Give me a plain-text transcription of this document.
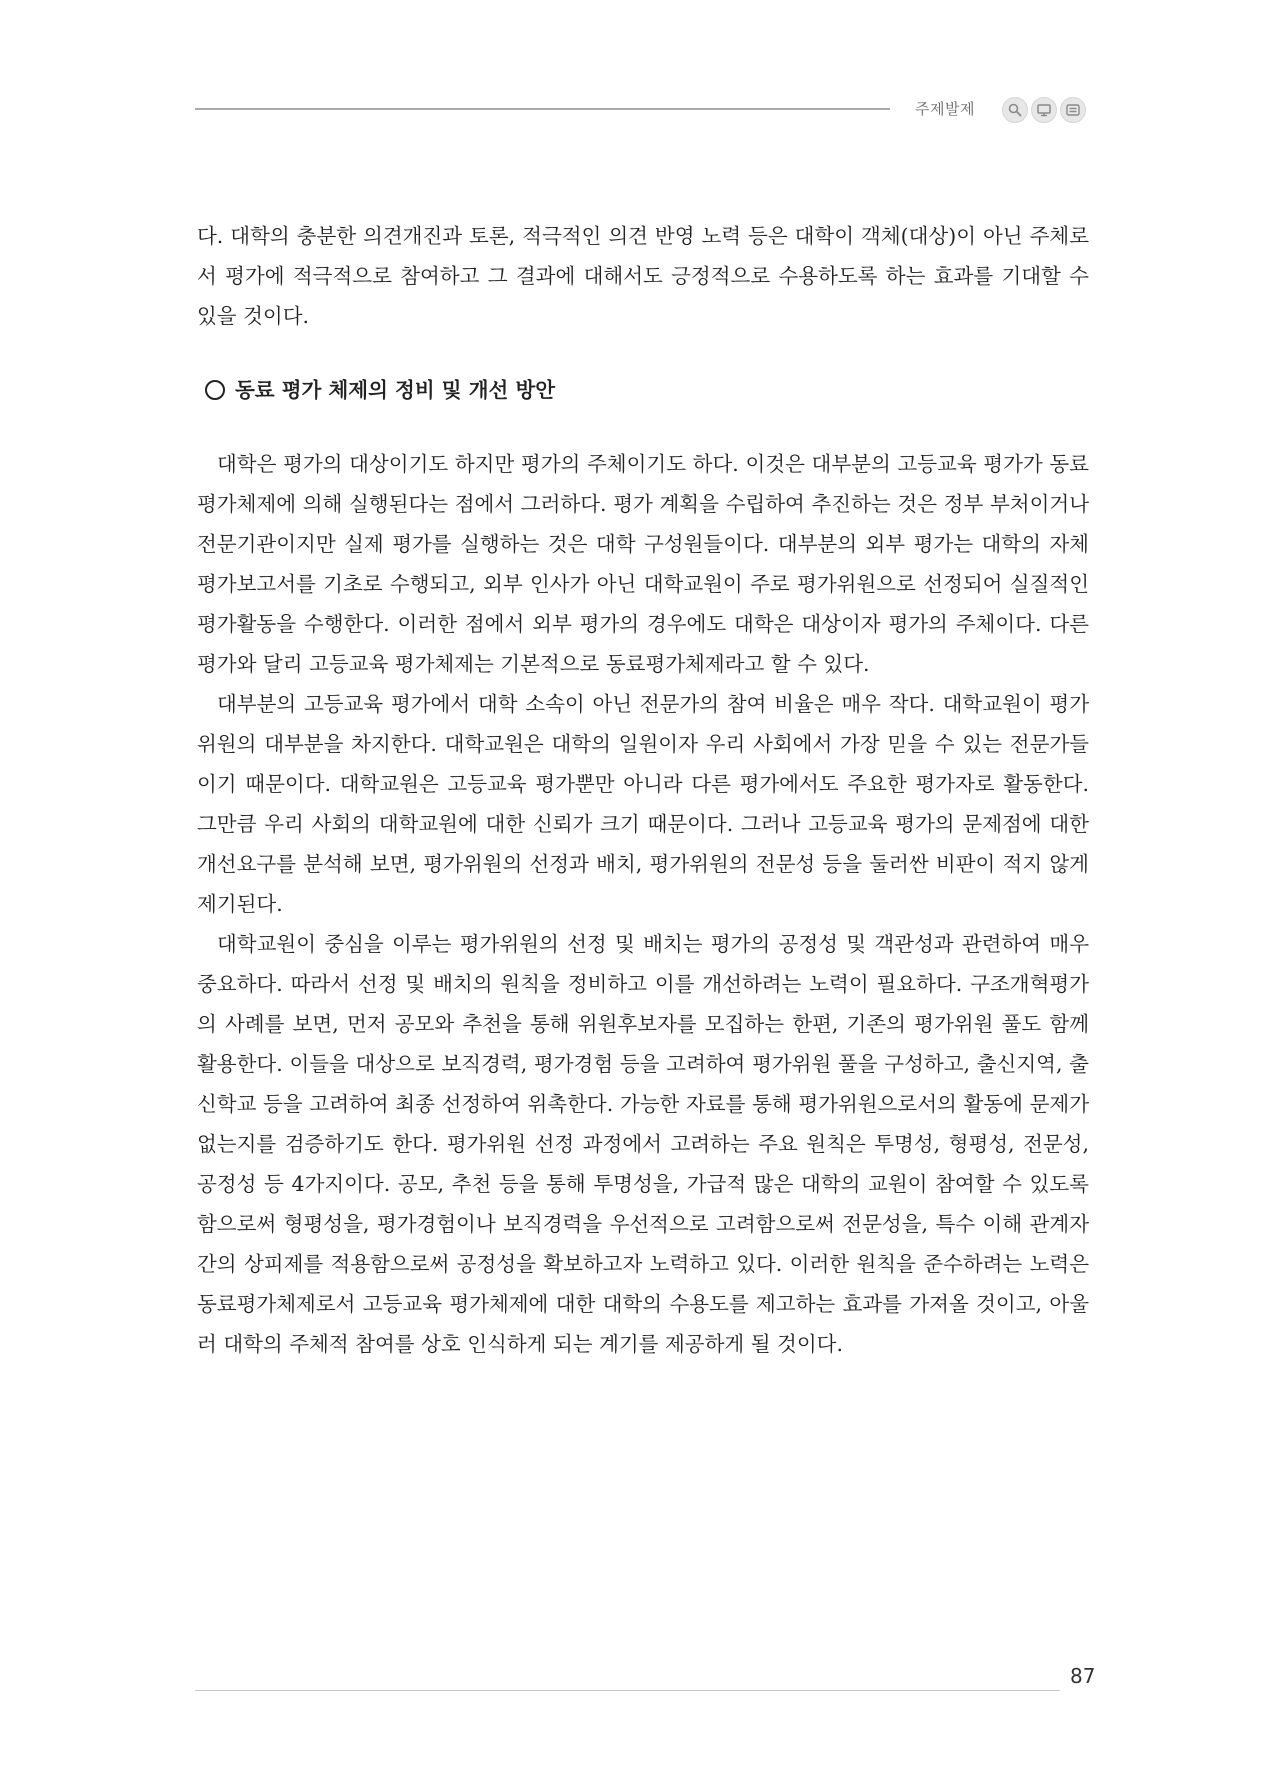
주제발제

다. 대학의 충분한 의견개진과 토론, 적극적인 의견 반영 노력 등은 대학이 객체(대상)이 아닌 주체로서 평가에 적극적으로 참여하고 그 결과에 대해서도 긍정적으로 수용하도록 하는 효과를 기대할 수 있을 것이다.

동료 평가 체제의 정비 및 개선 방안

대학은 평가의 대상이기도 하지만 평가의 주체이기도 하다. 이것은 대부분의 고등교육 평가가 동료평가체제에 의해 실행된다는 점에서 그러하다. 평가 계획을 수립하여 추진하는 것은 정부 부처이거나 전문기관이지만 실제 평가를 실행하는 것은 대학 구성원들이다. 대부분의 외부 평가는 대학의 자체 평가보고서를 기초로 수행되고, 외부 인사가 아닌 대학교원이 주로 평가위원으로 선정되어 실질적인 평가활동을 수행한다. 이러한 점에서 외부 평가의 경우에도 대학은 대상이자 평가의 주체이다. 다른 평가와 달리 고등교육 평가체제는 기본적으로 동료평가체제라고 할 수 있다.

대부분의 고등교육 평가에서 대학 소속이 아닌 전문가의 참여 비율은 매우 작다. 대학교원이 평가위원의 대부분을 차지한다. 대학교원은 대학의 일원이자 우리 사회에서 가장 믿을 수 있는 전문가들이기 때문이다. 대학교원은 고등교육 평가뿐만 아니라 다른 평가에서도 주요한 평가자로 활동한다. 그만큼 우리 사회의 대학교원에 대한 신뢰가 크기 때문이다. 그러나 고등교육 평가의 문제점에 대한 개선요구를 분석해 보면, 평가위원의 선정과 배치, 평가위원의 전문성 등을 둘러싼 비판이 적지 않게 제기된다.

대학교원이 중심을 이루는 평가위원의 선정 및 배치는 평가의 공정성 및 객관성과 관련하여 매우 중요하다. 따라서 선정 및 배치의 원칙을 정비하고 이를 개선하려는 노력이 필요하다. 구조개혁평가의 사례를 보면, 먼저 공모와 추천을 통해 위원후보자를 모집하는 한편, 기존의 평가위원 풀도 함께 활용한다. 이들을 대상으로 보직경력, 평가경험 등을 고려하여 평가위원 풀을 구성하고, 출신지역, 출신학교 등을 고려하여 최종 선정하여 위촉한다. 가능한 자료를 통해 평가위원으로서의 활동에 문제가 없는지를 검증하기도 한다. 평가위원 선정 과정에서 고려하는 주요 원칙은 투명성, 형평성, 전문성, 공정성 등 4가지이다. 공모, 추천 등을 통해 투명성을, 가급적 많은 대학의 교원이 참여할 수 있도록 함으로써 형평성을, 평가경험이나 보직경력을 우선적으로 고려함으로써 전문성을, 특수 이해 관계자 간의 상피제를 적용함으로써 공정성을 확보하고자 노력하고 있다. 이러한 원칙을 준수하려는 노력은 동료평가체제로서 고등교육 평가체제에 대한 대학의 수용도를 제고하는 효과를 가져올 것이고, 아울러 대학의 주체적 참여를 상호 인식하게 되는 계기를 제공하게 될 것이다.

87
